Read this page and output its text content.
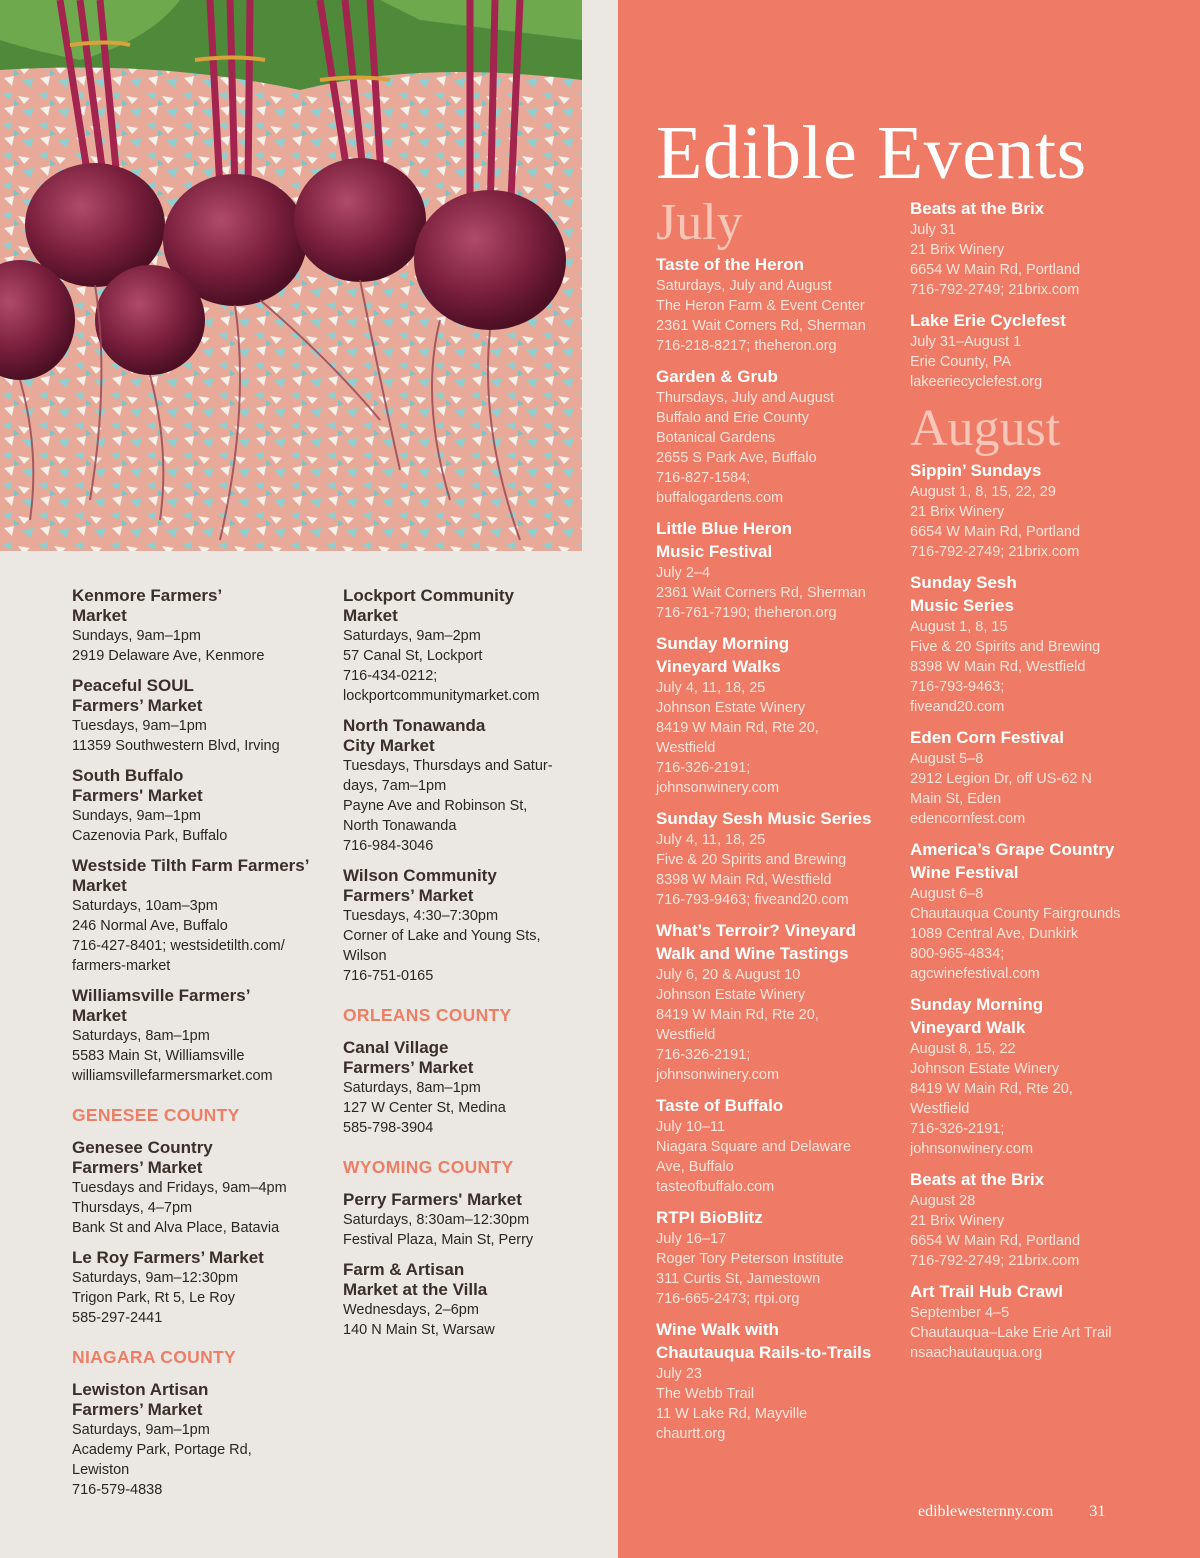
Kenmore Farmers’
Market
Sundays, 9am–1pm
2919 Delaware Ave, Kenmore
Peaceful SOUL
Farmers’ Market
Tuesdays, 9am–1pm
11359 Southwestern Blvd, Irving
South Buffalo
Farmers' Market
Sundays, 9am–1pm
Cazenovia Park, Buffalo
Westside Tilth Farm Farmers’
Market
Saturdays, 10am–3pm
246 Normal Ave, Buffalo
716-427-8401; westsidetilth.com/
farmers-market
Williamsville Farmers’
Market
Saturdays, 8am–1pm
5583 Main St, Williamsville
williamsvillefarmersmarket.com
GENESEE COUNTY
Genesee Country
Farmers’ Market
Tuesdays and Fridays, 9am–4pm
Thursdays, 4–7pm
Bank St and Alva Place, Batavia
Le Roy Farmers’ Market
Saturdays, 9am–12:30pm
Trigon Park, Rt 5, Le Roy
585-297-2441
NIAGARA COUNTY
Lewiston Artisan
Farmers’ Market
Saturdays, 9am–1pm
Academy Park, Portage Rd,
Lewiston
716-579-4838
Lockport Community
Market
Saturdays, 9am–2pm
57 Canal St, Lockport
716-434-0212;
lockportcommunitymarket.com
North Tonawanda
City Market
Tuesdays, Thursdays and Satur-
days, 7am–1pm
Payne Ave and Robinson St,
North Tonawanda
716-984-3046
Wilson Community
Farmers’ Market
Tuesdays, 4:30–7:30pm
Corner of Lake and Young Sts,
Wilson
716-751-0165
ORLEANS COUNTY
Canal Village
Farmers’ Market
Saturdays, 8am–1pm
127 W Center St, Medina
585-798-3904
WYOMING COUNTY
Perry Farmers' Market
Saturdays, 8:30am–12:30pm
Festival Plaza, Main St, Perry
Farm & Artisan
Market at the Villa
Wednesdays, 2–6pm
140 N Main St, Warsaw
Edible Events
July
Taste of the Heron
Saturdays, July and August
The Heron Farm & Event Center
2361 Wait Corners Rd, Sherman
716-218-8217; theheron.org
Garden & Grub
Thursdays, July and August
Buffalo and Erie County
Botanical Gardens
2655 S Park Ave, Buffalo
716-827-1584;
buffalogardens.com
Little Blue Heron
Music Festival
July 2–4
2361 Wait Corners Rd, Sherman
716-761-7190; theheron.org
Sunday Morning
Vineyard Walks
July 4, 11, 18, 25
Johnson Estate Winery
8419 W Main Rd, Rte 20,
Westfield
716-326-2191;
johnsonwinery.com
Sunday Sesh Music Series
July 4, 11, 18, 25
Five & 20 Spirits and Brewing
8398 W Main Rd, Westfield
716-793-9463; fiveand20.com
What’s Terroir? Vineyard
Walk and Wine Tastings
July 6, 20 & August 10
Johnson Estate Winery
8419 W Main Rd, Rte 20,
Westfield
716-326-2191;
johnsonwinery.com
Taste of Buffalo
July 10–11
Niagara Square and Delaware
Ave, Buffalo
tasteofbuffalo.com
RTPI BioBlitz
July 16–17
Roger Tory Peterson Institute
311 Curtis St, Jamestown
716-665-2473; rtpi.org
Wine Walk with
Chautauqua Rails-to-Trails
July 23
The Webb Trail
11 W Lake Rd, Mayville
chaurtt.org
Beats at the Brix
July 31
21 Brix Winery
6654 W Main Rd, Portland
716-792-2749; 21brix.com
Lake Erie Cyclefest
July 31–August 1
Erie County, PA
lakeeriecyclefest.org
August
Sippin’ Sundays
August 1, 8, 15, 22, 29
21 Brix Winery
6654 W Main Rd, Portland
716-792-2749; 21brix.com
Sunday Sesh
Music Series
August 1, 8, 15
Five & 20 Spirits and Brewing
8398 W Main Rd, Westfield
716-793-9463;
fiveand20.com
Eden Corn Festival
August 5–8
2912 Legion Dr, off US-62 N
Main St, Eden
edencornfest.com
America’s Grape Country
Wine Festival
August 6–8
Chautauqua County Fairgrounds
1089 Central Ave, Dunkirk
800-965-4834;
agcwinefestival.com
Sunday Morning
Vineyard Walk
August 8, 15, 22
Johnson Estate Winery
8419 W Main Rd, Rte 20,
Westfield
716-326-2191;
johnsonwinery.com
Beats at the Brix
August 28
21 Brix Winery
6654 W Main Rd, Portland
716-792-2749; 21brix.com
Art Trail Hub Crawl
September 4–5
Chautauqua–Lake Erie Art Trail
nsaachautauqua.org
ediblewesternny.com 31
